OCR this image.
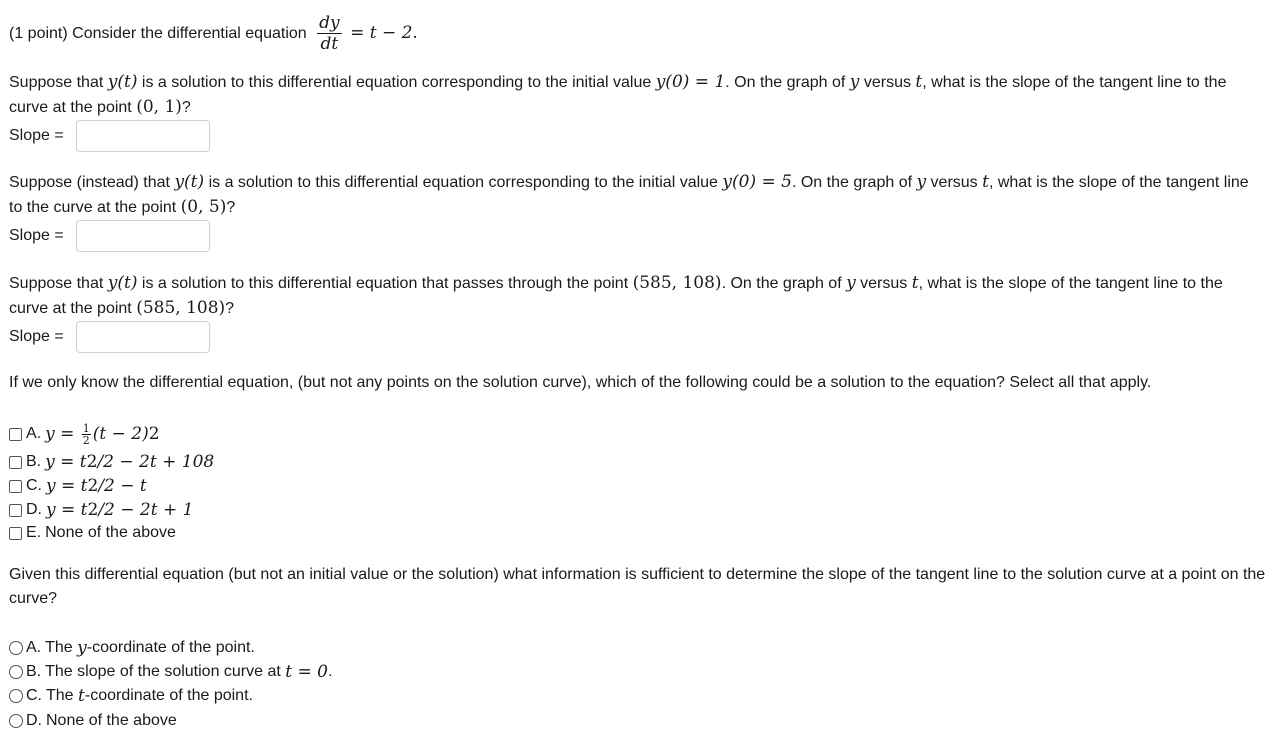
(1 point) Consider the differential equation $\frac{dy}{dt} = t - 2$.
Suppose that y(t) is a solution to this differential equation corresponding to the initial value y(0) = 1. On the graph of y versus t, what is the slope of the tangent line to the curve at the point (0, 1)?
Slope =
Suppose (instead) that y(t) is a solution to this differential equation corresponding to the initial value y(0) = 5. On the graph of y versus t, what is the slope of the tangent line to the curve at the point (0, 5)?
Slope =
Suppose that y(t) is a solution to this differential equation that passes through the point (585, 108). On the graph of y versus t, what is the slope of the tangent line to the curve at the point (585, 108)?
Slope =
If we only know the differential equation, (but not any points on the solution curve), which of the following could be a solution to the equation? Select all that apply.
A. $y = \frac{1}{2} (t - 2)$ 2
B. y = t 2 /2 − 2t + 108
C. y = t 2 /2 − t
D. y = t 2 /2 − 2t + 1
E. None of the above
Given this differential equation (but not an initial value or the solution) what information is sufficient to determine the slope of the tangent line to the solution curve at a point on the curve?
A. The y -coordinate of the point.
B. The slope of the solution curve at t = 0 .
C. The t -coordinate of the point.
D. None of the above
